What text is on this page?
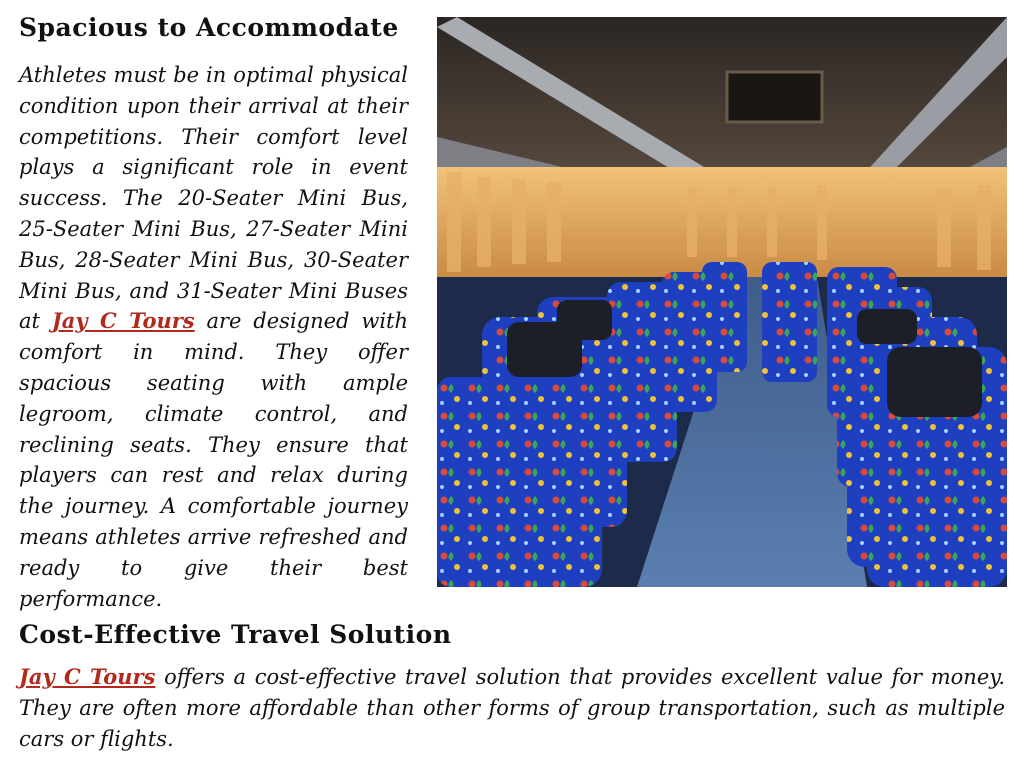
Spacious to Accommodate

Athletes must be in optimal physical condition upon their arrival at their competitions. Their comfort level plays a significant role in event success. The 20-Seater Mini Bus, 25-Seater Mini Bus, 27-Seater Mini Bus, 28-Seater Mini Bus, 30-Seater Mini Bus, and 31-Seater Mini Buses at Jay C Tours are designed with comfort in mind. They offer spacious seating with ample legroom, climate control, and reclining seats. They ensure that players can rest and relax during the journey. A comfortable journey means athletes arrive refreshed and ready to give their best performance.

Cost-Effective Travel Solution

Jay C Tours offers a cost-effective travel solution that provides excellent value for money. They are often more affordable than other forms of group transportation, such as multiple cars or flights.
